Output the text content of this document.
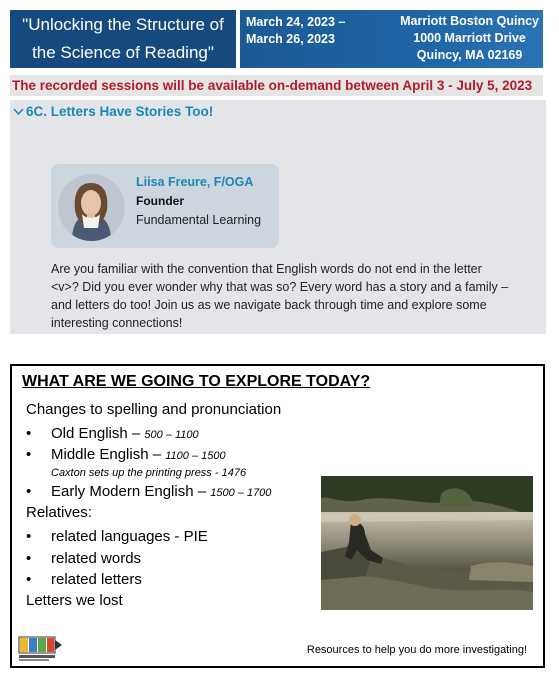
"Unlocking the Structure of
the Science of Reading"
March 24, 2023 –
March 26, 2023
Marriott Boston Quincy
1000 Marriott Drive
Quincy, MA 02169
The recorded sessions will be available on-demand between April 3 - July 5, 2023
6C. Letters Have Stories Too!
Liisa Freure, F/OGA
Founder
Fundamental Learning
Are you familiar with the convention that English words do not end in the letter
<v>? Did you ever wonder why that was so? Every word has a story and a family –
and letters do too! Join us as we navigate back through time and explore some
interesting connections!
WHAT ARE WE GOING TO EXPLORE TODAY?
Changes to spelling and pronunciation
• Old English – 500 – 1100
• Middle English – 1100 – 1500
Caxton sets up the printing press - 1476
• Early Modern English – 1500 – 1700
Relatives:
• related languages - PIE
• related words
• related letters
Letters we lost
Resources to help you do more investigating!
